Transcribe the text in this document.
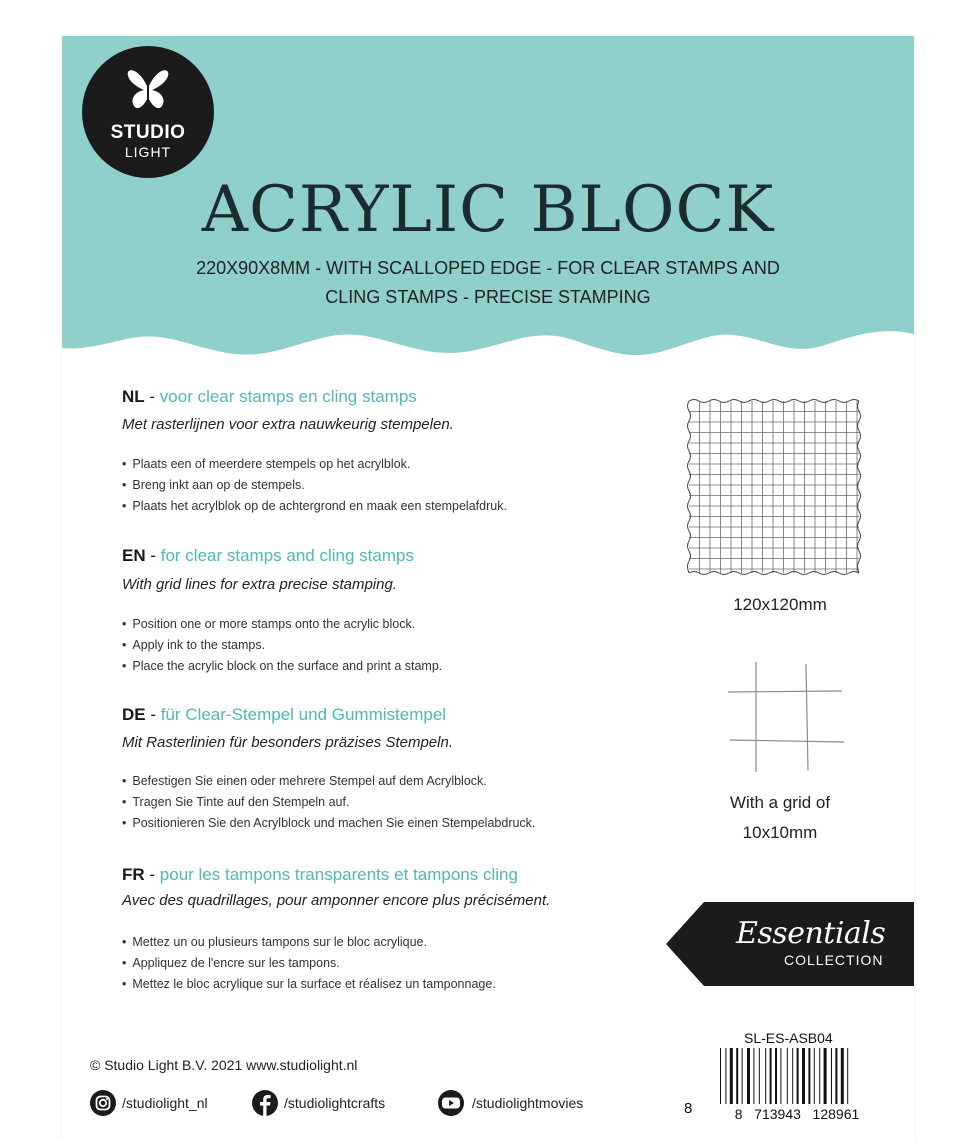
STUDIO
LIGHT
ACRYLIC BLOCK
220X90X8MM - WITH SCALLOPED EDGE - FOR CLEAR STAMPS AND
CLING STAMPS - PRECISE STAMPING
NL - voor clear stamps en cling stamps
Met rasterlijnen voor extra nauwkeurig stempelen.
• Plaats een of meerdere stempels op het acrylblok.
• Breng inkt aan op de stempels.
• Plaats het acrylblok op de achtergrond en maak een stempelafdruk.
EN - for clear stamps and cling stamps
With grid lines for extra precise stamping.
• Position one or more stamps onto the acrylic block.
• Apply ink to the stamps.
• Place the acrylic block on the surface and print a stamp.
DE - für Clear-Stempel und Gummistempel
Mit Rasterlinien für besonders präzises Stempeln.
• Befestigen Sie einen oder mehrere Stempel auf dem Acrylblock.
• Tragen Sie Tinte auf den Stempeln auf.
• Positionieren Sie den Acrylblock und machen Sie einen Stempelabdruck.
FR - pour les tampons transparents et tampons cling
Avec des quadrillages, pour amponner encore plus précisément.
• Mettez un ou plusieurs tampons sur le bloc acrylique.
• Appliquez de l'encre sur les tampons.
• Mettez le bloc acrylique sur la surface et réalisez un tamponnage.
120x120mm
With a grid of
10x10mm
Essentials
COLLECTION
SL-ES-ASB04
8   713943   128961
8
© Studio Light B.V. 2021 www.studiolight.nl
/studiolight_nl	/studiolightcrafts	/studiolightmovies
